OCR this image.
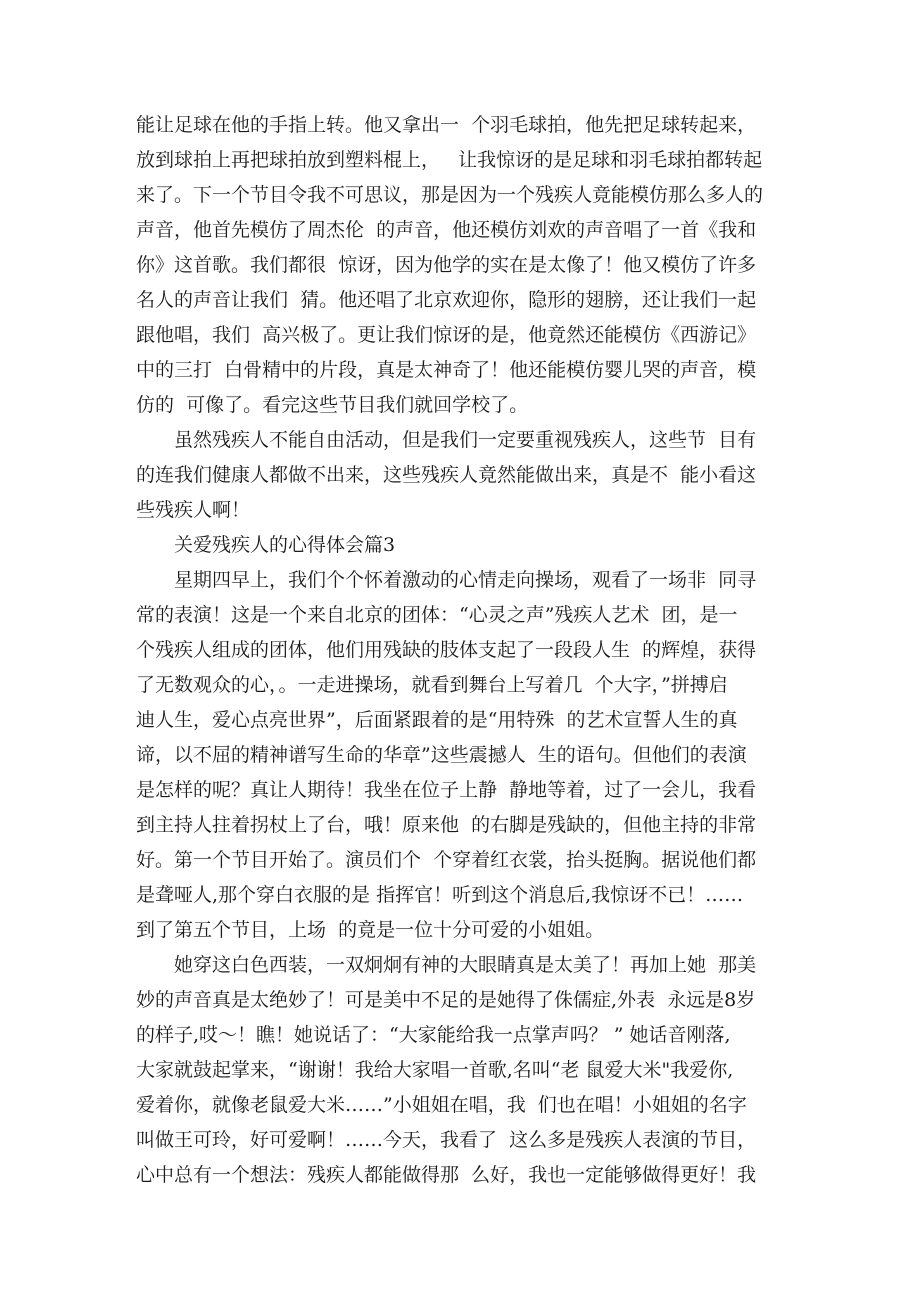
能让足球在他的手指上转。他又拿出一  个羽毛球拍，他先把足球转起来，
放到球拍上再把球拍放到塑料棍上，   让我惊讶的是足球和羽毛球拍都转起
来了。下一个节目令我不可思议，那是因为一个残疾人竟能模仿那么多人的
声音，他首先模仿了周杰伦  的声音，他还模仿刘欢的声音唱了一首《我和
你》这首歌。我们都很  惊讶，因为他学的实在是太像了！他又模仿了许多
名人的声音让我们  猜。他还唱了北京欢迎你，隐形的翅膀，还让我们一起
跟他唱，我们  高兴极了。更让我们惊讶的是，他竟然还能模仿《西游记》
中的三打  白骨精中的片段，真是太神奇了！他还能模仿婴儿哭的声音，模
仿的  可像了。看完这些节目我们就回学校了。
虽然残疾人不能自由活动，但是我们一定要重视残疾人，这些节  目有
的连我们健康人都做不出来，这些残疾人竟然能做出来，真是不  能小看这
些残疾人啊！
关爱残疾人的心得体会篇3
星期四早上，我们个个怀着激动的心情走向操场，观看了一场非  同寻
常的表演！这是一个来自北京的团体：“心灵之声”残疾人艺术  团，是一
个残疾人组成的团体，他们用残缺的肢体支起了一段段人生  的辉煌，获得
了无数观众的心，。一走进操场，就看到舞台上写着几  个大字，”拼搏启
迪人生，爱心点亮世界”，后面紧跟着的是“用特殊  的艺术宣誓人生的真
谛，以不屈的精神谱写生命的华章”这些震撼人  生的语句。但他们的表演
是怎样的呢？真让人期待！我坐在位子上静  静地等着，过了一会儿，我看
到主持人拄着拐杖上了台，哦！原来他  的右脚是残缺的，但他主持的非常
好。第一个节目开始了。演员们个  个穿着红衣裳，抬头挺胸。据说他们都
是聋哑人,那个穿白衣服的是 指挥官！听到这个消息后,我惊讶不已！……
到了第五个节目，上场  的竟是一位十分可爱的小姐姐。
她穿这白色西装，一双炯炯有神的大眼睛真是太美了！再加上她  那美
妙的声音真是太绝妙了！可是美中不足的是她得了侏儒症,外表  永远是8岁
的样子,哎～！瞧！她说话了：“大家能给我一点掌声吗？ ” 她话音刚落,
大家就鼓起掌来，“谢谢！我给大家唱一首歌,名叫“老 鼠爱大米"我爱你,
爱着你，就像老鼠爱大米……”小姐姐在唱，我  们也在唱！小姐姐的名字
叫做王可玲，好可爱啊！……今天，我看了  这么多是残疾人表演的节目，
心中总有一个想法：残疾人都能做得那  么好，我也一定能够做得更好！我
